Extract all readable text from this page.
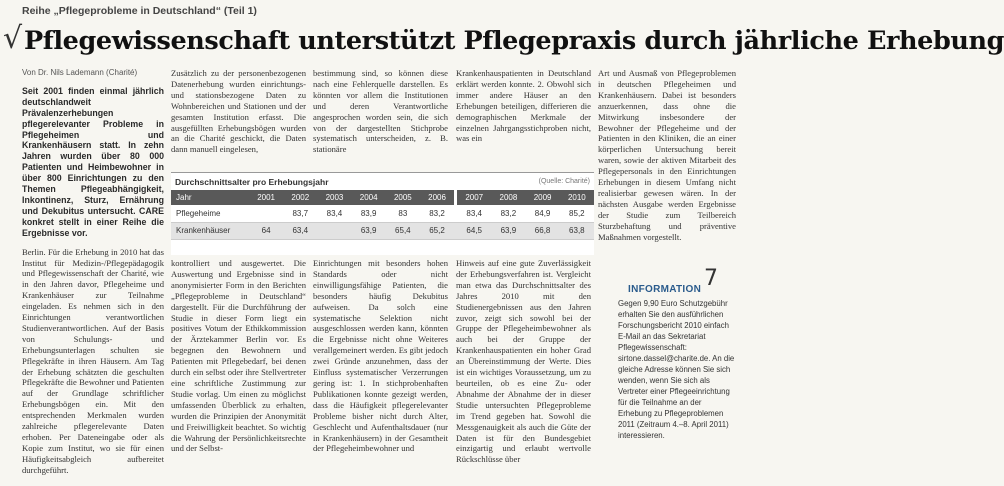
Reihe „Pflegeprobleme in Deutschland“ (Teil 1)
√ Pflegewissenschaft unterstützt Pflegepraxis durch jährliche Erhebung
Von Dr. Nils Lademann (Charité)

Seit 2001 finden einmal jährlich deutschlandweit Prävalenzerhebungen pflegerelevanter Probleme in Pflegeheimen und Krankenhäusern statt. In zehn Jahren wurden über 80 000 Patienten und Heimbewohner in über 800 Einrichtungen zu den Themen Pflegeabhängigkeit, Inkontinenz, Sturz, Ernährung und Dekubitus untersucht. CARE konkret stellt in einer Reihe die Ergebnisse vor.

Berlin. Für die Erhebung in 2010 hat das Institut für Medizin-/Pflegepädagogik und Pflegewissenschaft der Charité, wie in den Jahren davor, Pflegeheime und Krankenhäuser zur Teilnahme eingeladen. Es nehmen sich in den Einrichtungen verantwortlichen Studienverantwortlichen. Auf der Basis von Schulungs- und Erhebungsunterlagen schulten sie Pflegekräfte in ihren Häusern. Am Tag der Erhebung schätzten die geschulten Pflegekräfte die Bewohner und Patienten auf der Grundlage schriftlicher Erhebungsbögen ein. Mit den entsprechenden Merkmalen wurden zahlreiche pflegerelevante Daten erhoben. Per Dateneingabe oder als Kopie zum Institut, wo sie für einen Häufigkeitsabgleich aufbereitet durchgeführt.

Zusätzlich zu der personenbezogenen Datenerhebung wurden einrichtungs- und stationsbezogene Daten zu Wohnbereichen und Stationen und der gesamten Institution erfasst. Die ausgefüllten Erhebungsbögen wurden an die Charité geschickt, die Daten dann manuell eingelesen,

kontrolliert und ausgewertet. Die Auswertung und Ergebnisse sind in anonymisierter Form in den Berichten „Pflegeprobleme in Deutschland“ dargestellt. Für die Durchführung der Studie in dieser Form liegt ein positives Votum der Ethikkommission der Ärztekammer Berlin vor. Es begegnen den Bewohnern und Patienten mit Pflegebedarf, bei denen durch ein selbst oder ihre Stellvertreter eine schriftliche Zustimmung zur Studie vorlag. Um einen zu möglichst umfassenden Überblick zu erhalten, wurden die Prinzipien der Anonymität und Freiwilligkeit beachtet. So wichtig die Wahrung der Persönlichkeitsrechte und der Selbst-

bestimmung sind, so können diese nach eine Fehlerquelle darstellen. Es könnten vor allem die Institutionen und deren Verantwortliche angesprochen worden sein, die sich von der dargestellten Stichprobe systematisch unterscheiden, z. B. stationäre

Einrichtungen mit besonders hohen Standards oder nicht einwilligungsfähige Patienten, die besonders häufig Dekubitus aufweisen. Da solch eine systematische Selektion nicht ausgeschlossen werden kann, könnten die Ergebnisse nicht ohne Weiteres verallgemeinert werden. Es gibt jedoch zwei Gründe anzunehmen, dass der Einfluss systematischer Verzerrungen gering ist: 1. In stichprobenhaften Publikationen konnte gezeigt werden, dass die Häufigkeit pflegerelevanter Probleme bisher nicht durch Alter, Geschlecht und Aufenthaltsdauer (nur in Krankenhäusern) in der Gesamtheit der Pflegeheimbewohner und

Krankenhauspatienten in Deutschland erklärt werden konnte. 2. Obwohl sich immer andere Häuser an den Erhebungen beteiligen, differieren die demographischen Merkmale der einzelnen Jahrgangsstichproben nicht, was ein

Hinweis auf eine gute Zuverlässigkeit der Erhebungsverfahren ist. Vergleicht man etwa das Durchschnittsalter des Jahres 2010 mit den Studienergebnissen aus den Jahren zuvor, zeigt sich sowohl bei der Gruppe der Pflegeheimbewohner als auch bei der Gruppe der Krankenhauspatienten ein hoher Grad an Übereinstimmung der Werte. Dies ist ein wichtiges Voraussetzung, um zu beurteilen, ob es eine Zu- oder Abnahme der Abnahme der in dieser Studie untersuchten Pflegeprobleme im Trend gegeben hat. Sowohl die Messgenauigkeit als auch die Güte der Daten ist für den Bundesgebiet einzigartig und erlaubt wertvolle Rückschlüsse über

Art und Ausmaß von Pflegeproblemen in deutschen Pflegeheimen und Krankenhäusern. Dabei ist besonders anzuerkennen, dass ohne die Mitwirkung insbesondere der Bewohner der Pflegeheime und der Patienten in den Kliniken, die an einer körperlichen Untersuchung bereit waren, sowie der aktiven Mitarbeit des Pflegepersonals in den Einrichtungen Erhebungen in diesem Umfang nicht realisierbar gewesen wären. In der nächsten Ausgabe werden Ergebnisse der Studie zum Teilbereich Sturzbehaftung und präventive Maßnahmen vorgestellt.

Durchschnittsalter pro Erhebungsjahr	(Quelle: Charité)
Jahr	2001	2002	2003	2004	2005	2006		2007	2008	2009	2010
Pflegeheime		83,7	83,4	83,9	83	83,2		83,4	83,2	84,9	85,2
Krankenhäuser	64	63,4		63,9	65,4	65,2		64,5	63,9	66,8	63,8
INFORMATION
Gegen 9,90 Euro Schutzgebühr erhalten Sie den ausführlichen Forschungsbericht 2010 einfach E-Mail an das Sekretariat Pflegewissenschaft: sirtone.dassel@charite.de. An die gleiche Adresse können Sie sich wenden, wenn Sie sich als Vertreter einer Pflegeeinrichtung für die Teilnahme an der Erhebung zu Pflegeproblemen 2011 (Zeitraum 4.–8. April 2011) interessieren.
7
